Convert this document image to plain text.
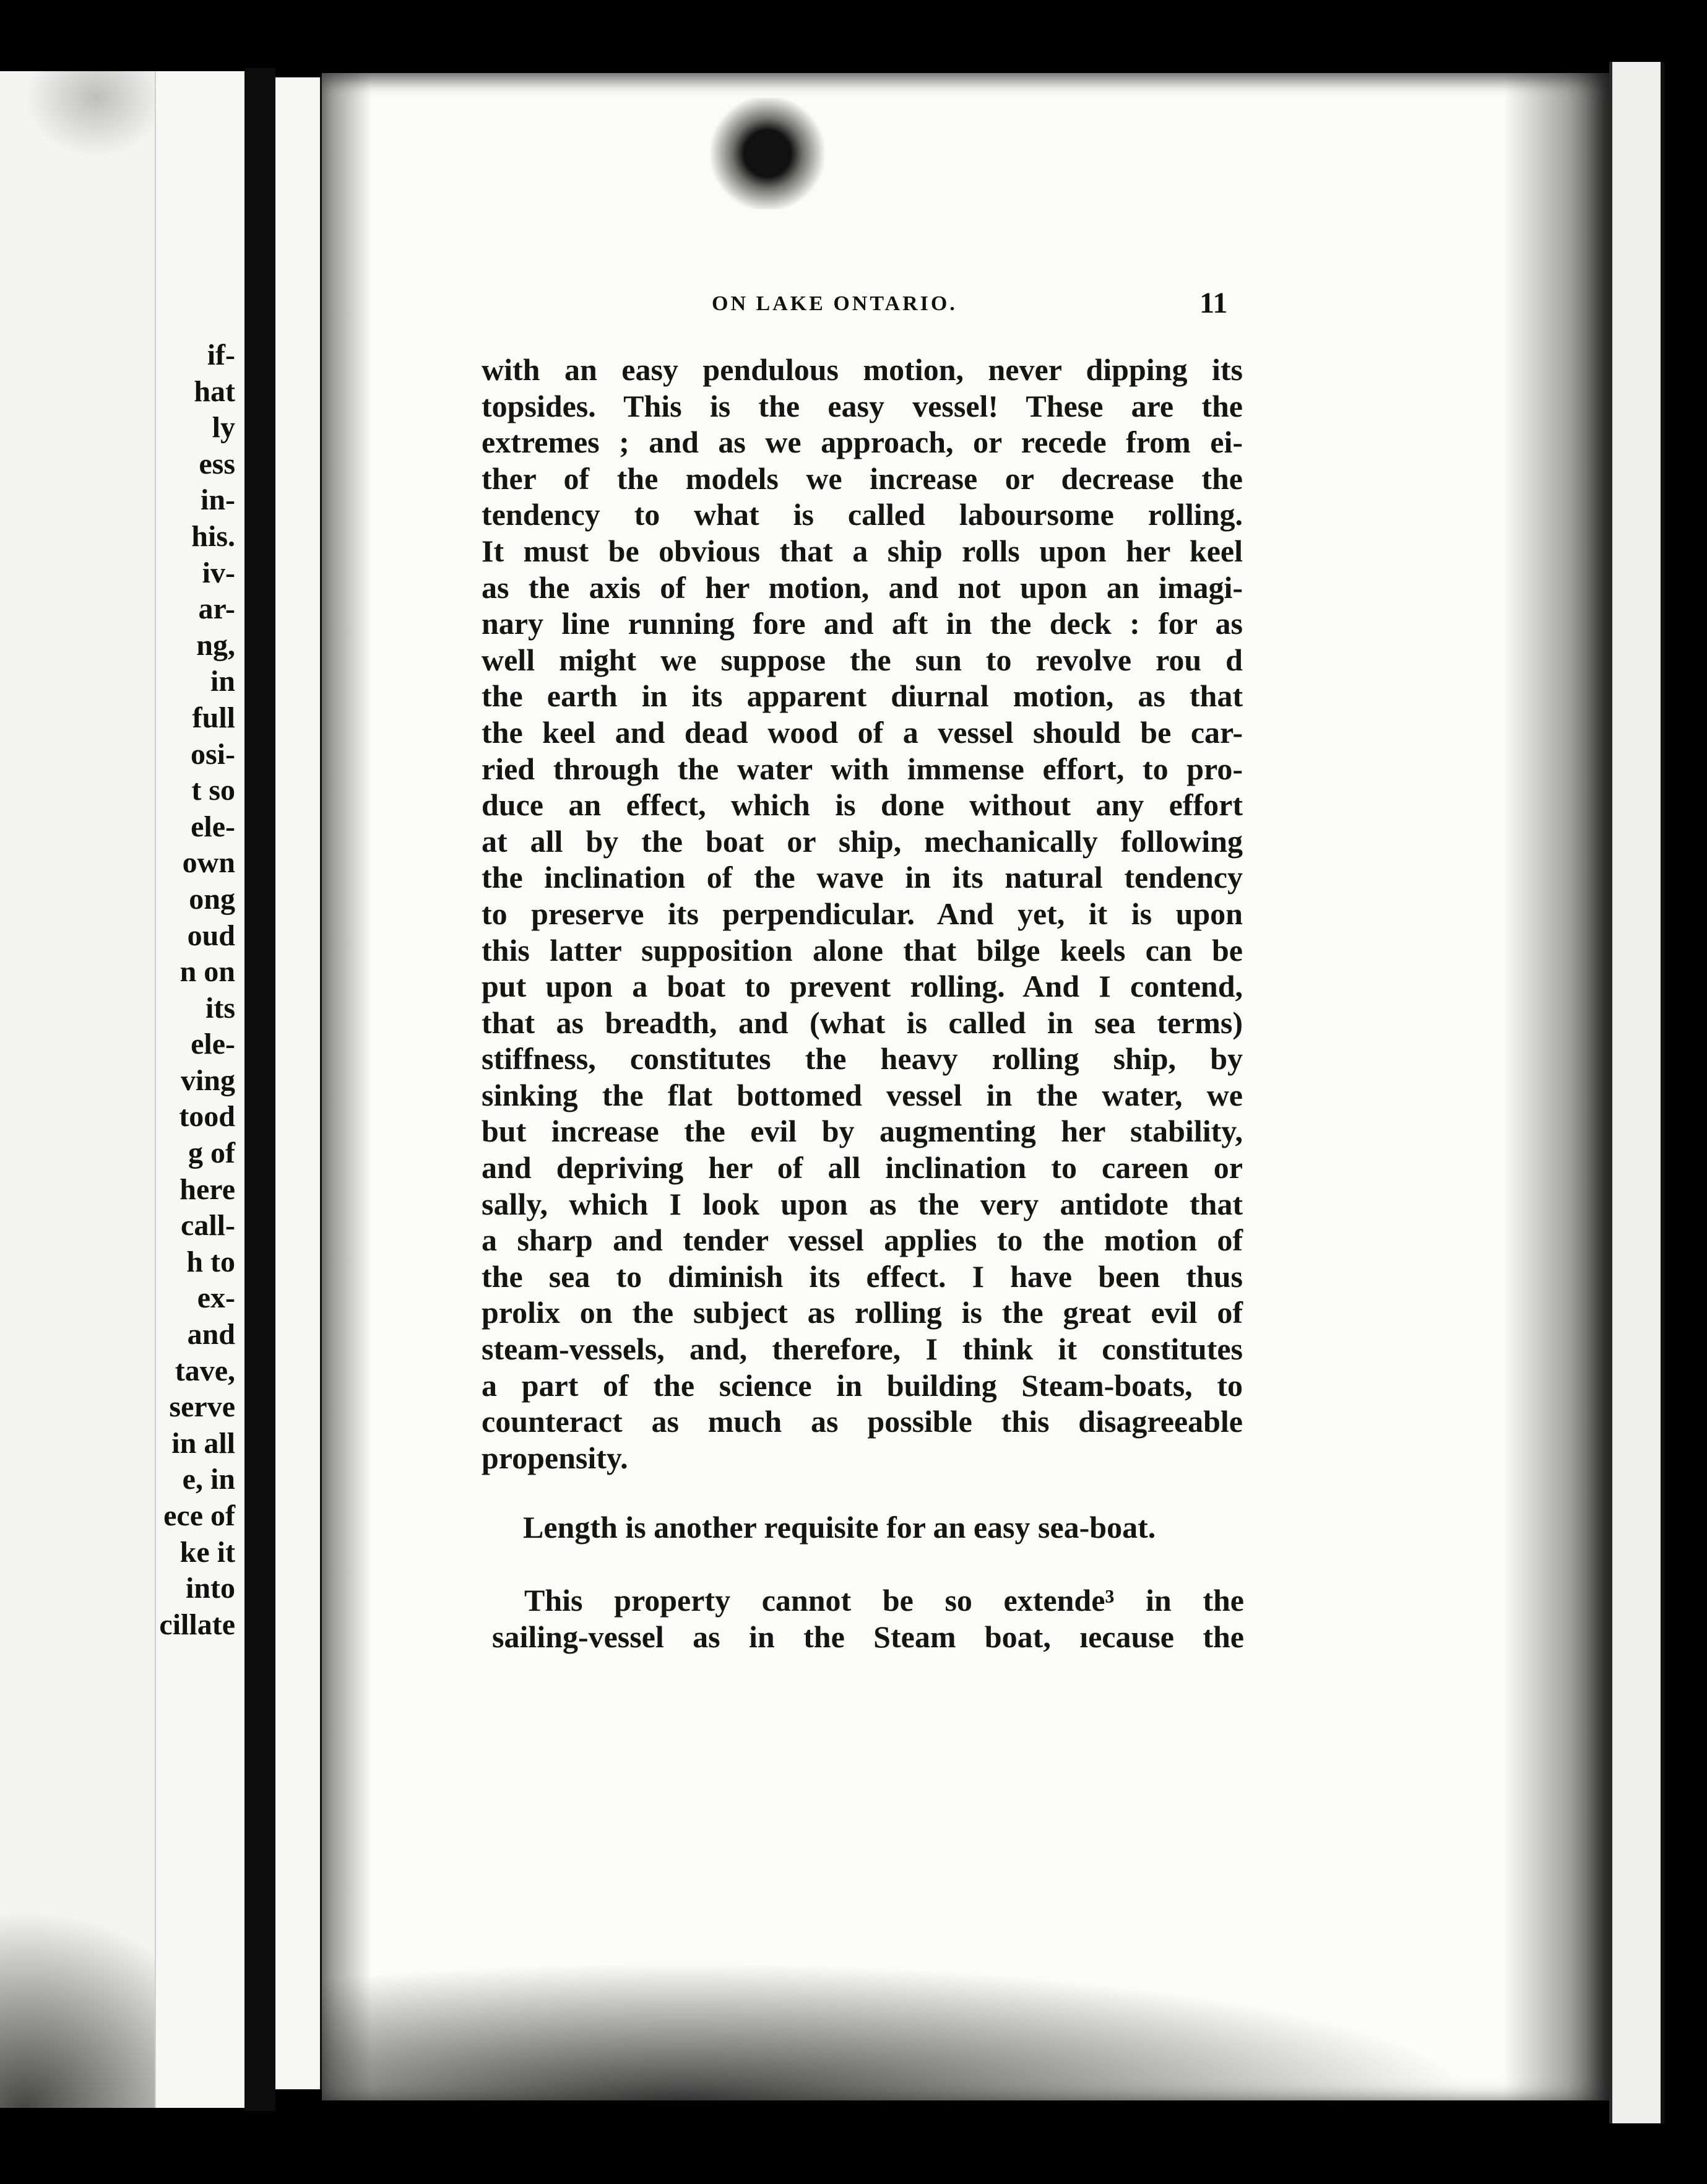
if-
hat
ly
ess
in-
his.
iv-
ar-
ng,
in
full
osi-
t so
ele-
own
ong
oud
n on
its
ele-
ving
tood
g of
here
call-
h to
ex-
and
tave,
serve
in all
e, in
ece of
ke it
into
cillate
ON LAKE ONTARIO.	11
with an easy pendulous motion, never dipping its
topsides. This is the easy vessel! These are the
extremes ; and as we approach, or recede from ei-
ther of the models we increase or decrease the
tendency to what is called laboursome rolling.
It must be obvious that a ship rolls upon her keel
as the axis of her motion, and not upon an imagi-
nary line running fore and aft in the deck : for as
well might we suppose the sun to revolve rou d
the earth in its apparent diurnal motion, as that
the keel and dead wood of a vessel should be car-
ried through the water with immense effort, to pro-
duce an effect, which is done without any effort
at all by the boat or ship, mechanically following
the inclination of the wave in its natural tendency
to preserve its perpendicular. And yet, it is upon
this latter supposition alone that bilge keels can be
put upon a boat to prevent rolling. And I contend,
that as breadth, and (what is called in sea terms)
stiffness, constitutes the heavy rolling ship, by
sinking the flat bottomed vessel in the water, we
but increase the evil by augmenting her stability,
and depriving her of all inclination to careen or
sally, which I look upon as the very antidote that
a sharp and tender vessel applies to the motion of
the sea to diminish its effect. I have been thus
prolix on the subject as rolling is the great evil of
steam-vessels, and, therefore, I think it constitutes
a part of the science in building Steam-boats, to
counteract as much as possible this disagreeable
propensity.
Length is another requisite for an easy sea-boat.
This property cannot be so extende³ in the
sailing-vessel as in the Steam boat, ıecause the
